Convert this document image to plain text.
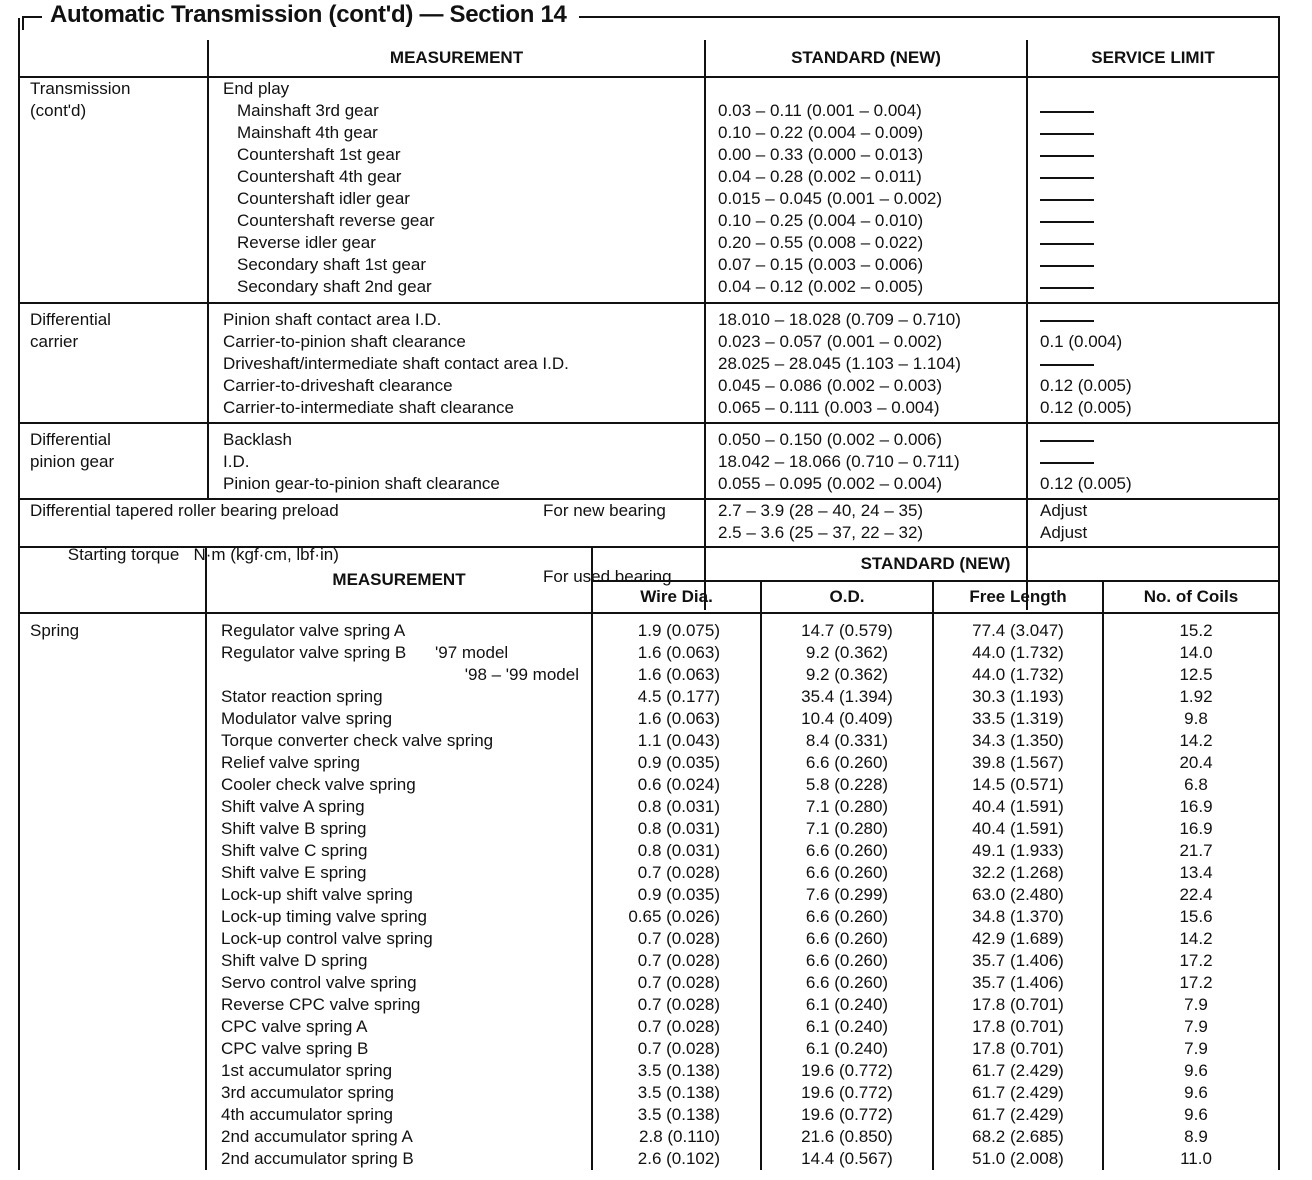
Automatic Transmission (cont'd) — Section 14
	MEASUREMENT	STANDARD (NEW)	SERVICE LIMIT

Transmission
(cont'd)	End play		
	Mainshaft 3rd gear	0.03 – 0.11 (0.001 – 0.004)	
	Mainshaft 4th gear	0.10 – 0.22 (0.004 – 0.009)	
	Countershaft 1st gear	0.00 – 0.33 (0.000 – 0.013)	
	Countershaft 4th gear	0.04 – 0.28 (0.002 – 0.011)	
	Countershaft idler gear	0.015 – 0.045 (0.001 – 0.002)	
	Countershaft reverse gear	0.10 – 0.25 (0.004 – 0.010)	
	Reverse idler gear	0.20 – 0.55 (0.008 – 0.022)	
	Secondary shaft 1st gear	0.07 – 0.15 (0.003 – 0.006)	
	Secondary shaft 2nd gear	0.04 – 0.12 (0.002 – 0.005)	

Differential
carrier	Pinion shaft contact area I.D.	18.010 – 18.028 (0.709 – 0.710)	
	Carrier-to-pinion shaft clearance	0.023 – 0.057 (0.001 – 0.002)	0.1 (0.004)
	Driveshaft/intermediate shaft contact area I.D.	28.025 – 28.045 (1.103 – 1.104)	
	Carrier-to-driveshaft clearance	0.045 – 0.086 (0.002 – 0.003)	0.12 (0.005)
	Carrier-to-intermediate shaft clearance	0.065 – 0.111 (0.003 – 0.004)	0.12 (0.005)

Differential
pinion gear	Backlash	0.050 – 0.150 (0.002 – 0.006)	
	I.D.	18.042 – 18.066 (0.710 – 0.711)	
	Pinion gear-to-pinion shaft clearance	0.055 – 0.095 (0.002 – 0.004)	0.12 (0.005)
Differential tapered roller bearing preload For new bearing		2.7 – 3.9 (28 – 40, 24 – 35)	Adjust

Starting torque   N·m (kgf·cm, lbf·in)

For used bearing		2.5 – 3.6 (25 – 37, 22 – 32)	Adjust
	MEASUREMENT	STANDARD (NEW)			
		Wire Dia.	O.D.	Free Length	No. of Coils
Spring	Regulator valve spring A	1.9 (0.075)	14.7 (0.579)	77.4 (3.047)	15.2
	Regulator valve spring B '97 model	1.6 (0.063)	9.2 (0.362)	44.0 (1.732)	14.0

	'98 – '99 model	1.6 (0.063)	9.2 (0.362)	44.0 (1.732)	12.5
	Stator reaction spring	4.5 (0.177)	35.4 (1.394)	30.3 (1.193)	1.92
	Modulator valve spring	1.6 (0.063)	10.4 (0.409)	33.5 (1.319)	9.8
	Torque converter check valve spring	1.1 (0.043)	8.4 (0.331)	34.3 (1.350)	14.2
	Relief valve spring	0.9 (0.035)	6.6 (0.260)	39.8 (1.567)	20.4
	Cooler check valve spring	0.6 (0.024)	5.8 (0.228)	14.5 (0.571)	6.8
	Shift valve A spring	0.8 (0.031)	7.1 (0.280)	40.4 (1.591)	16.9
	Shift valve B spring	0.8 (0.031)	7.1 (0.280)	40.4 (1.591)	16.9
	Shift valve C spring	0.8 (0.031)	6.6 (0.260)	49.1 (1.933)	21.7
	Shift valve E spring	0.7 (0.028)	6.6 (0.260)	32.2 (1.268)	13.4
	Lock-up shift valve spring	0.9 (0.035)	7.6 (0.299)	63.0 (2.480)	22.4
	Lock-up timing valve spring	0.65 (0.026)	6.6 (0.260)	34.8 (1.370)	15.6
	Lock-up control valve spring	0.7 (0.028)	6.6 (0.260)	42.9 (1.689)	14.2
	Shift valve D spring	0.7 (0.028)	6.6 (0.260)	35.7 (1.406)	17.2
	Servo control valve spring	0.7 (0.028)	6.6 (0.260)	35.7 (1.406)	17.2
	Reverse CPC valve spring	0.7 (0.028)	6.1 (0.240)	17.8 (0.701)	7.9
	CPC valve spring A	0.7 (0.028)	6.1 (0.240)	17.8 (0.701)	7.9
	CPC valve spring B	0.7 (0.028)	6.1 (0.240)	17.8 (0.701)	7.9
	1st accumulator spring	3.5 (0.138)	19.6 (0.772)	61.7 (2.429)	9.6
	3rd accumulator spring	3.5 (0.138)	19.6 (0.772)	61.7 (2.429)	9.6
	4th accumulator spring	3.5 (0.138)	19.6 (0.772)	61.7 (2.429)	9.6
	2nd accumulator spring A	2.8 (0.110)	21.6 (0.850)	68.2 (2.685)	8.9
	2nd accumulator spring B	2.6 (0.102)	14.4 (0.567)	51.0 (2.008)	11.0
